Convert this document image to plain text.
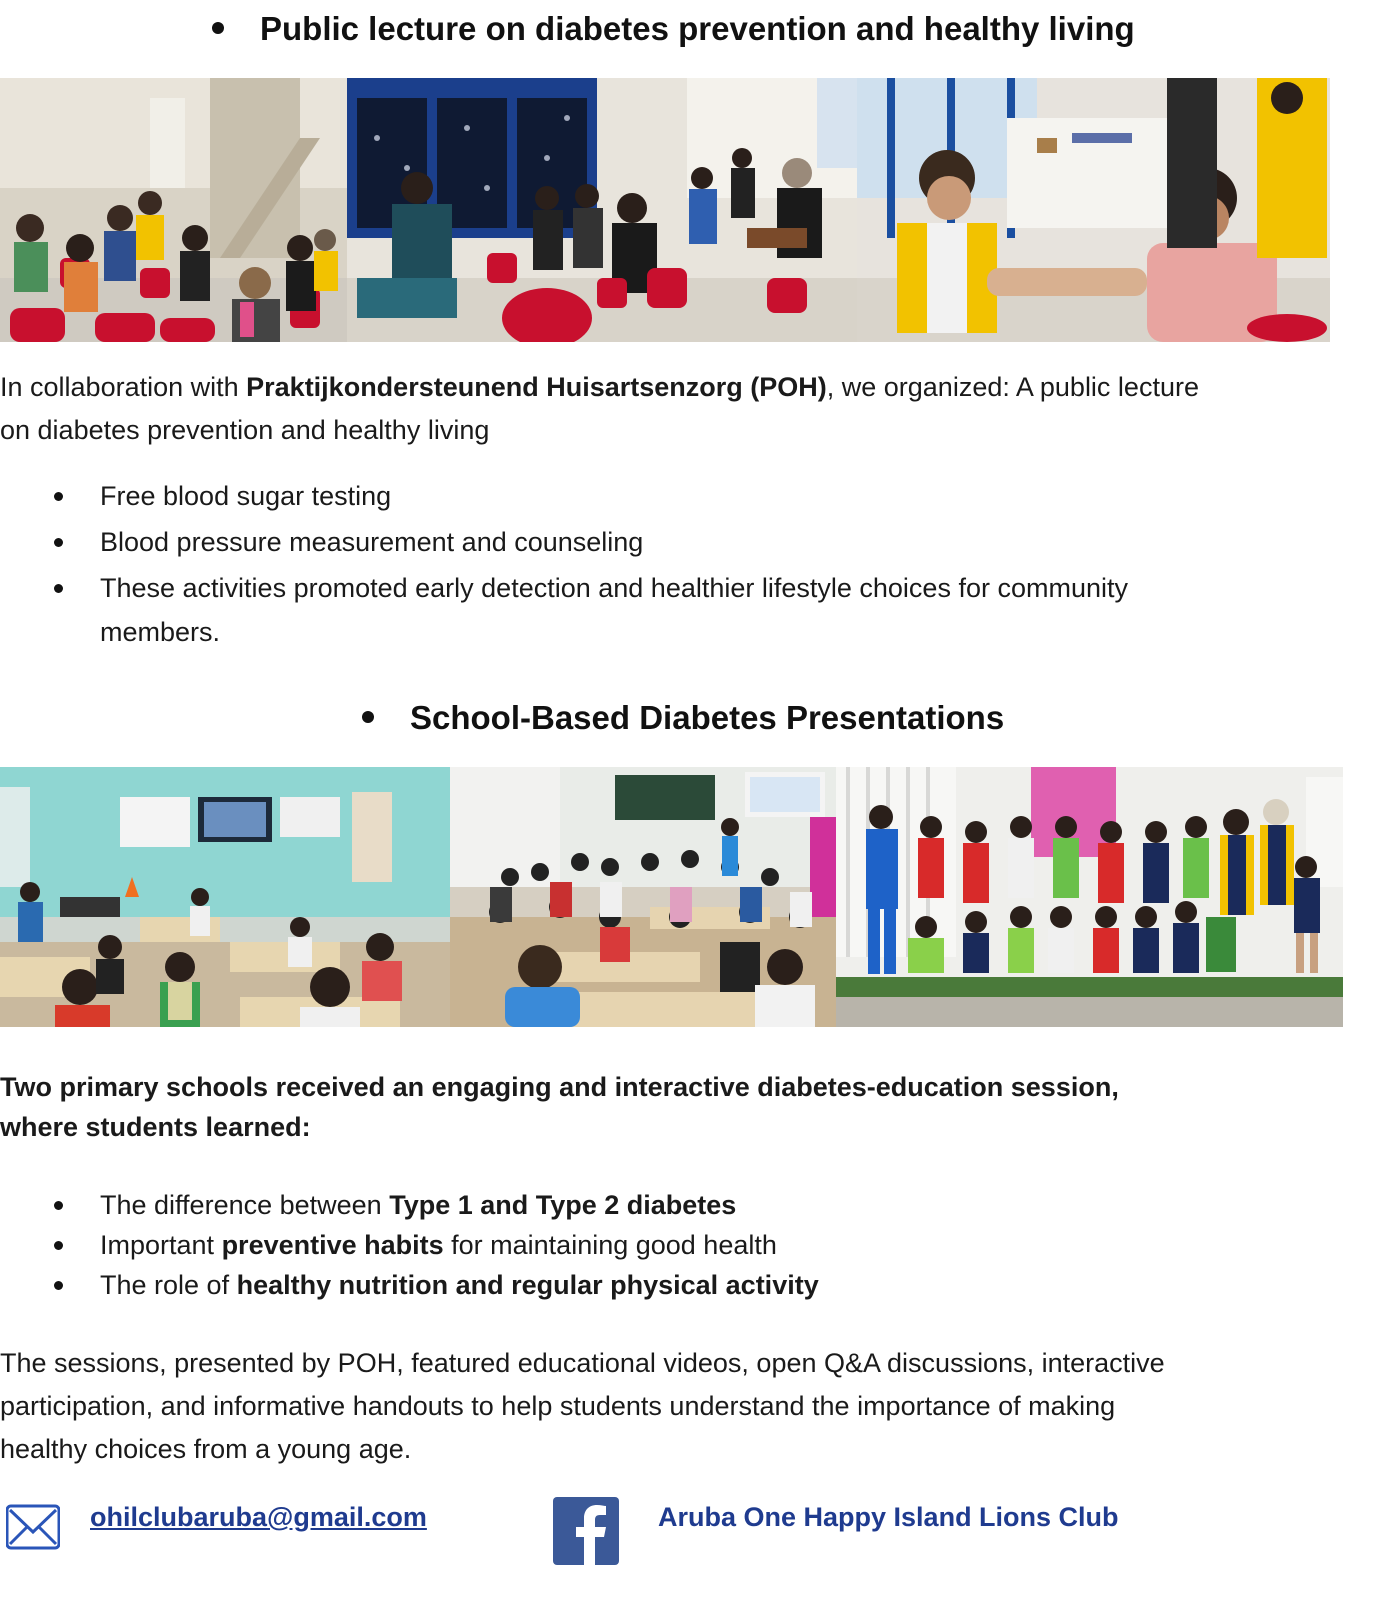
Public lecture on diabetes prevention and healthy living
In collaboration with Praktijkondersteunend Huisartsenzorg (POH), we organized: A public lecture
on diabetes prevention and healthy living
Free blood sugar testing
Blood pressure measurement and counseling
These activities promoted early detection and healthier lifestyle choices for community
members.
School-Based Diabetes Presentations
Two primary schools received an engaging and interactive diabetes-education session,
where students learned:
The difference between Type 1 and Type 2 diabetes
Important preventive habits for maintaining good health
The role of healthy nutrition and regular physical activity
The sessions, presented by POH, featured educational videos, open Q&A discussions, interactive
participation, and informative handouts to help students understand the importance of making
healthy choices from a young age.
ohilclubaruba@gmail.com	Aruba One Happy Island Lions Club
